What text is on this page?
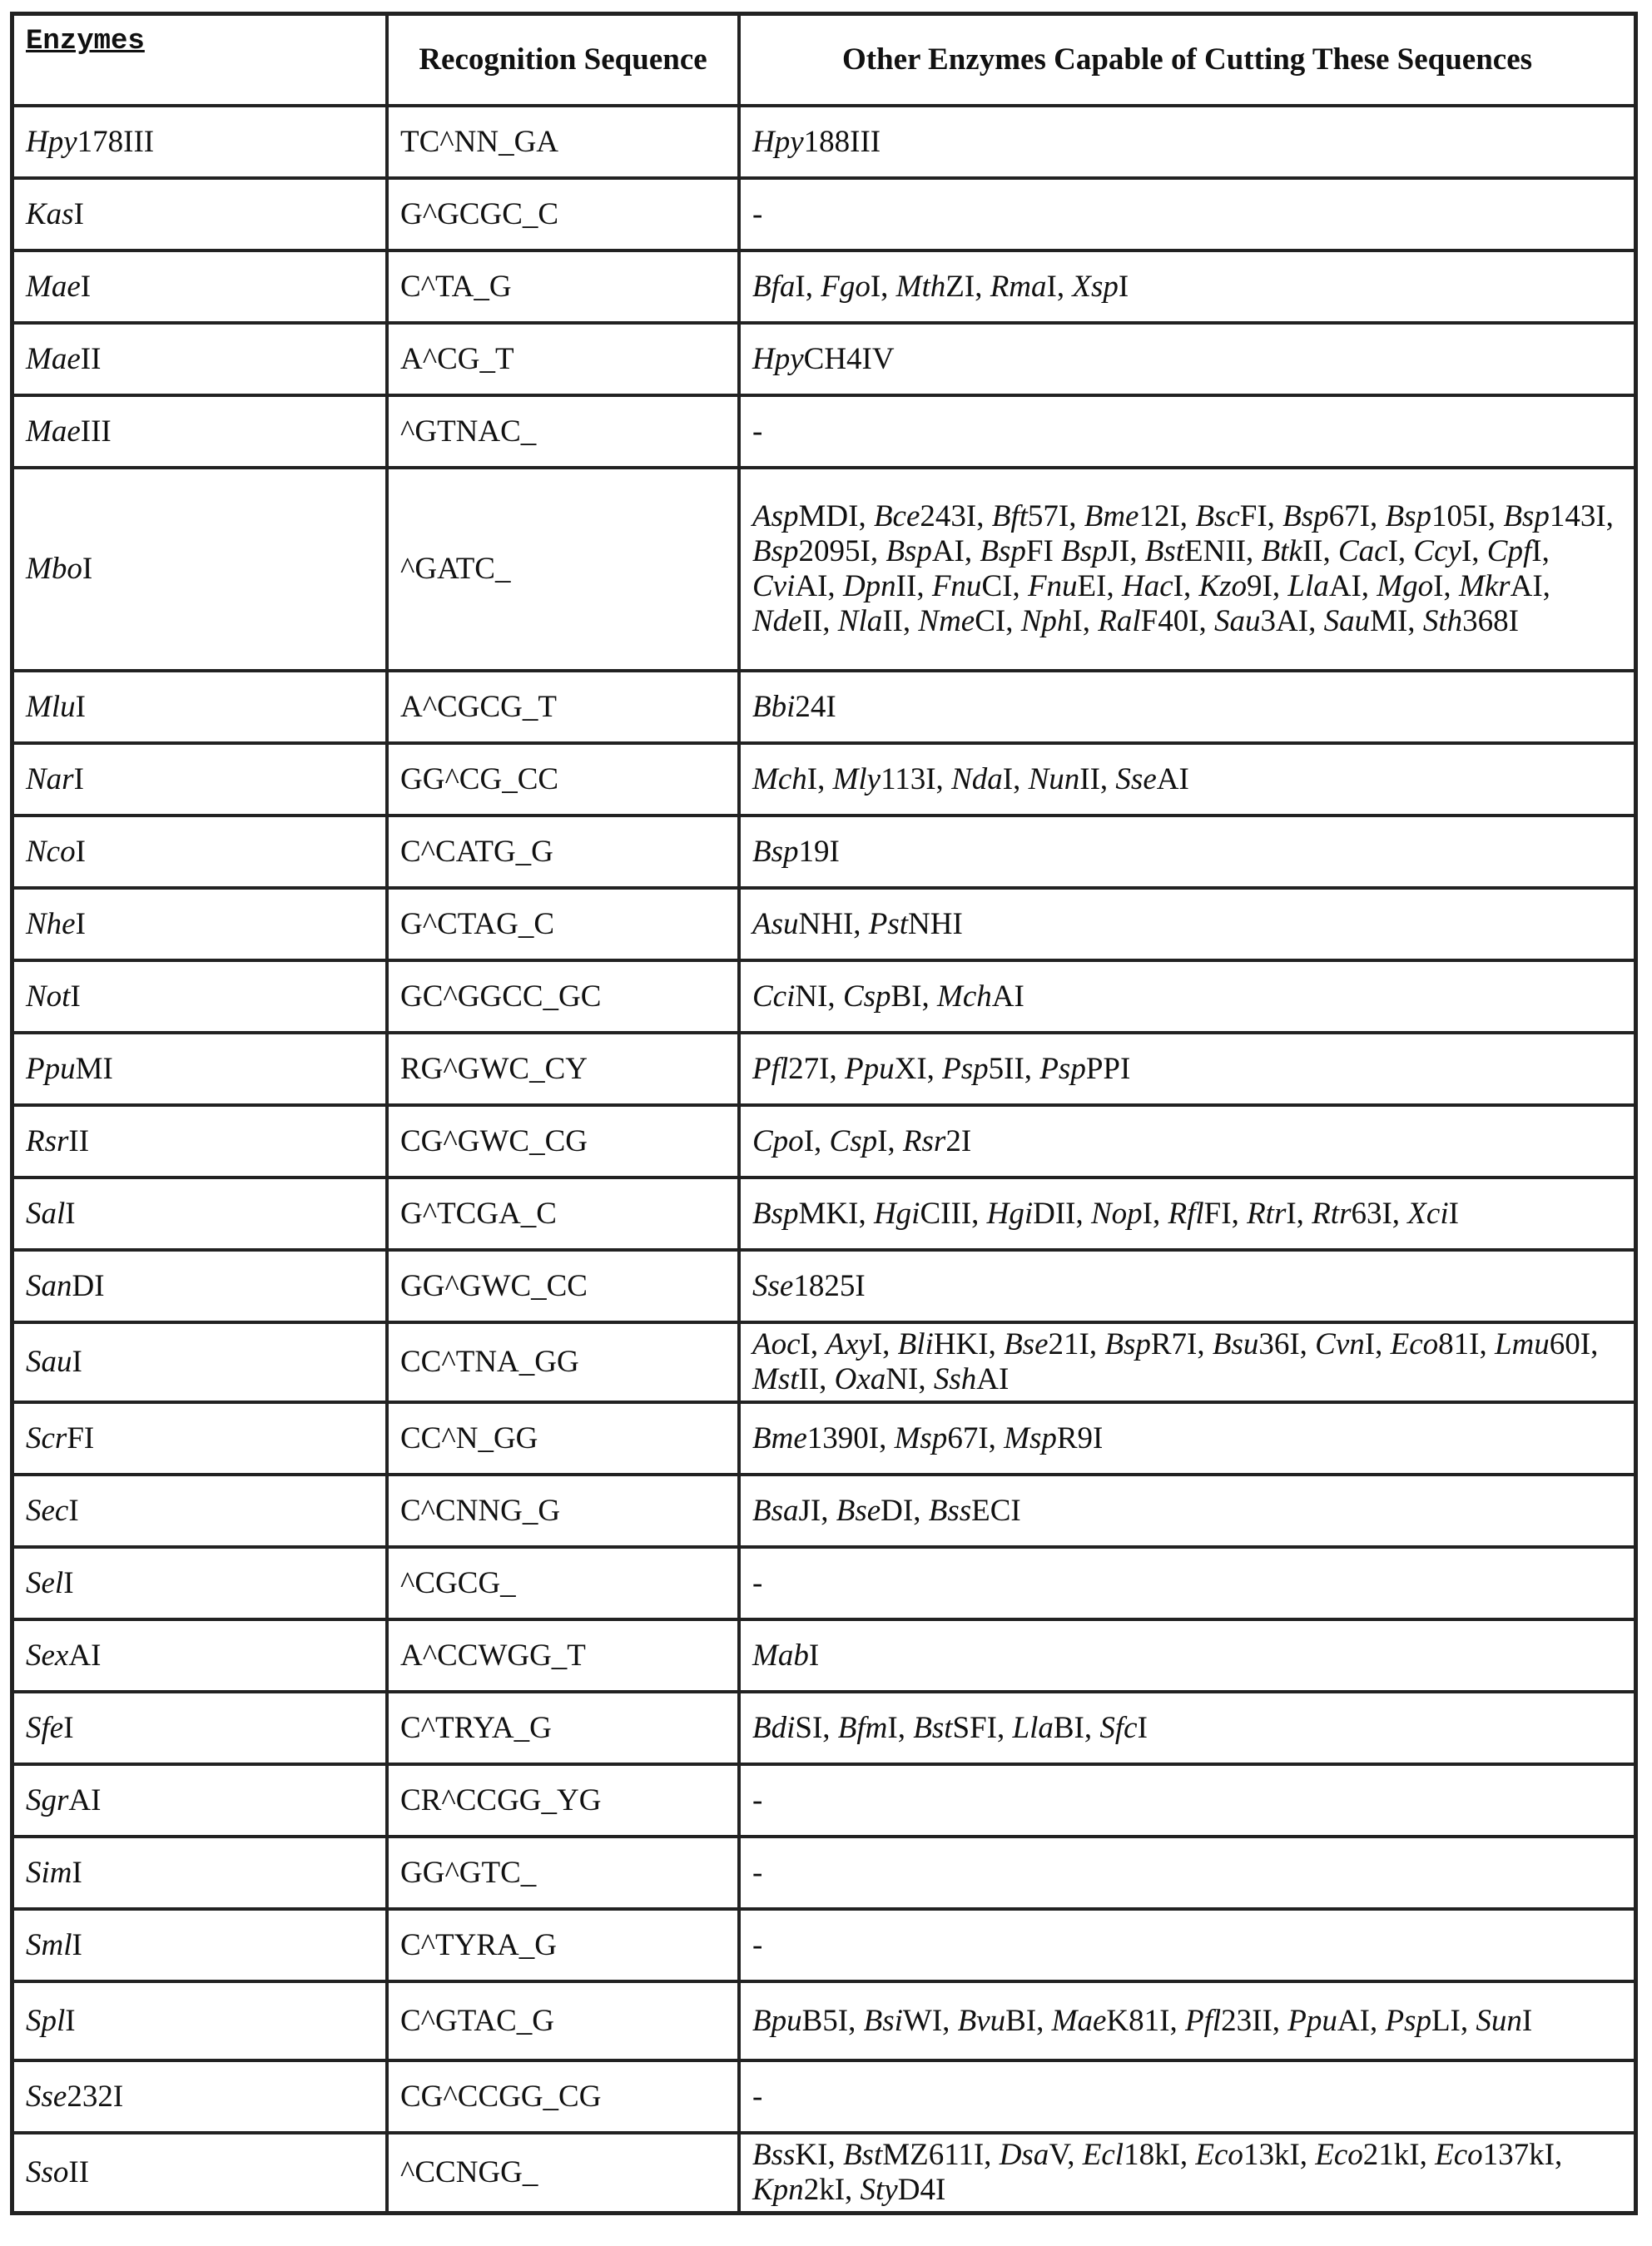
Enzymes	Recognition Sequence	Other Enzymes Capable of Cutting These Sequences
Hpy178III	TC^NN_GA	Hpy188III
KasI	G^GCGC_C	-
MaeI	C^TA_G	BfaI, FgoI, MthZI, RmaI, XspI
MaeII	A^CG_T	HpyCH4IV
MaeIII	^GTNAC_	-
MboI	^GATC_	AspMDI, Bce243I, Bft57I, Bme12I, BscFI, Bsp67I, Bsp105I, Bsp143I, Bsp2095I, BspAI, BspFI BspJI, BstENII, BtkII, CacI, CcyI, CpfI, CviAI, DpnII, FnuCI, FnuEI, HacI, Kzo9I, LlaAI, MgoI, MkrAI, NdeII, NlaII, NmeCI, NphI, RalF40I, Sau3AI, SauMI, Sth368I
MluI	A^CGCG_T	Bbi24I
NarI	GG^CG_CC	MchI, Mly113I, NdaI, NunII, SseAI
NcoI	C^CATG_G	Bsp19I
NheI	G^CTAG_C	AsuNHI, PstNHI
NotI	GC^GGCC_GC	CciNI, CspBI, MchAI
PpuMI	RG^GWC_CY	Pfl27I, PpuXI, Psp5II, PspPPI
RsrII	CG^GWC_CG	CpoI, CspI, Rsr2I
SalI	G^TCGA_C	BspMKI, HgiCIII, HgiDII, NopI, RflFI, RtrI, Rtr63I, XciI
SanDI	GG^GWC_CC	Sse1825I
SauI	CC^TNA_GG	AocI, AxyI, BliHKI, Bse21I, BspR7I, Bsu36I, CvnI, Eco81I, Lmu60I, MstII, OxaNI, SshAI
ScrFI	CC^N_GG	Bme1390I, Msp67I, MspR9I
SecI	C^CNNG_G	BsaJI, BseDI, BssECI
SelI	^CGCG_	-
SexAI	A^CCWGG_T	MabI
SfeI	C^TRYA_G	BdiSI, BfmI, BstSFI, LlaBI, SfcI
SgrAI	CR^CCGG_YG	-
SimI	GG^GTC_	-
SmlI	C^TYRA_G	-
SplI	C^GTAC_G	BpuB5I, BsiWI, BvuBI, MaeK81I, Pfl23II, PpuAI, PspLI, SunI
Sse232I	CG^CCGG_CG	-
SsoII	^CCNGG_	BssKI, BstMZ611I, DsaV, Ecl18kI, Eco13kI, Eco21kI, Eco137kI, Kpn2kI, StyD4I
